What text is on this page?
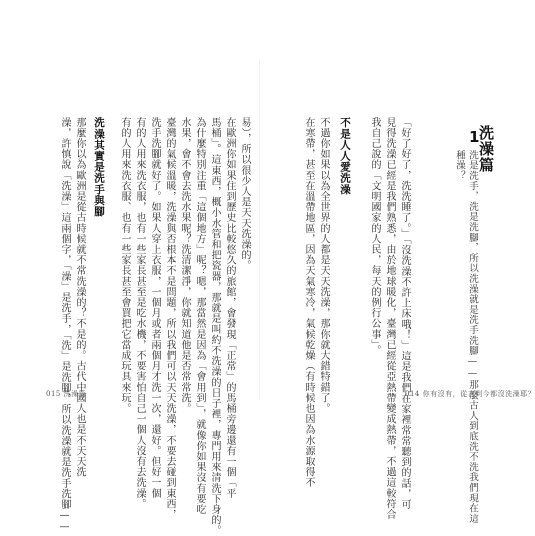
1
洗澡篇
洗是洗手，洗是洗腳，所以洗澡就是洗手洗腳——那麼古人到底洗不洗我們現在這
種澡？
「好了好了，洗洗睡了。」「沒洗澡不許上床哦！」這是我們在家裡常常聽到的話，可
見得洗澡已經是我們熟悉，由於地球暖化，臺灣已經從亞熱帶變成熱帶，不過這較符合
我自己說的「文明國家的人民，每天的例行公事」。
不是人人愛洗澡
不過你如果以為全世界的人都是天天洗澡，那你就大錯特錯了。
在寒帶，甚至在溫帶地區，因為天氣寒冷，氣候乾燥（有時候也因為水源取得不	014 你有沒有，從古到今都沒洗澡耶？
易），所以很少人是天天洗澡的。
在歐洲你如果住到歷史比較悠久的旅館，會發現「正常」的馬桶旁邊還有一個「平
馬桶」。這東西，概小水管和把瓷器，那就是叫約不洗澡的日子裡，專門用來清洗下身的。
為什麼特別注重「這個地方」呢？嗯，那當然是因為「會用到」，就像你如果沒有要吃
水果，會不會去洗水果呢？洗清潔淨，你就知道他是否常常洗。
臺灣的氣候溫暖，洗澡與否根本不是問題，所以我們可以天天洗澡，不要去碰到東西，
洗手洗腳就好了。如果人穿上衣服，一個月或者兩個月才洗一次，還好。但好一個
有的人用來洗衣服，也有一些家長甚至是吃水機，不要害怕自己一個人沒有去洗澡。
有的人用來洗衣服、也有一些家長甚至會買把它當成玩具來玩。
洗澡其實是洗手與腳
那麼你以為歐洲是從古時候就不常洗澡的？不是的。古代中國人也是不天天洗
澡，許慎說「洗澡」這兩個字，「澡」是洗手，「洗」是洗腳，所以洗澡就是洗手洗腳——
015 洗澡篇
